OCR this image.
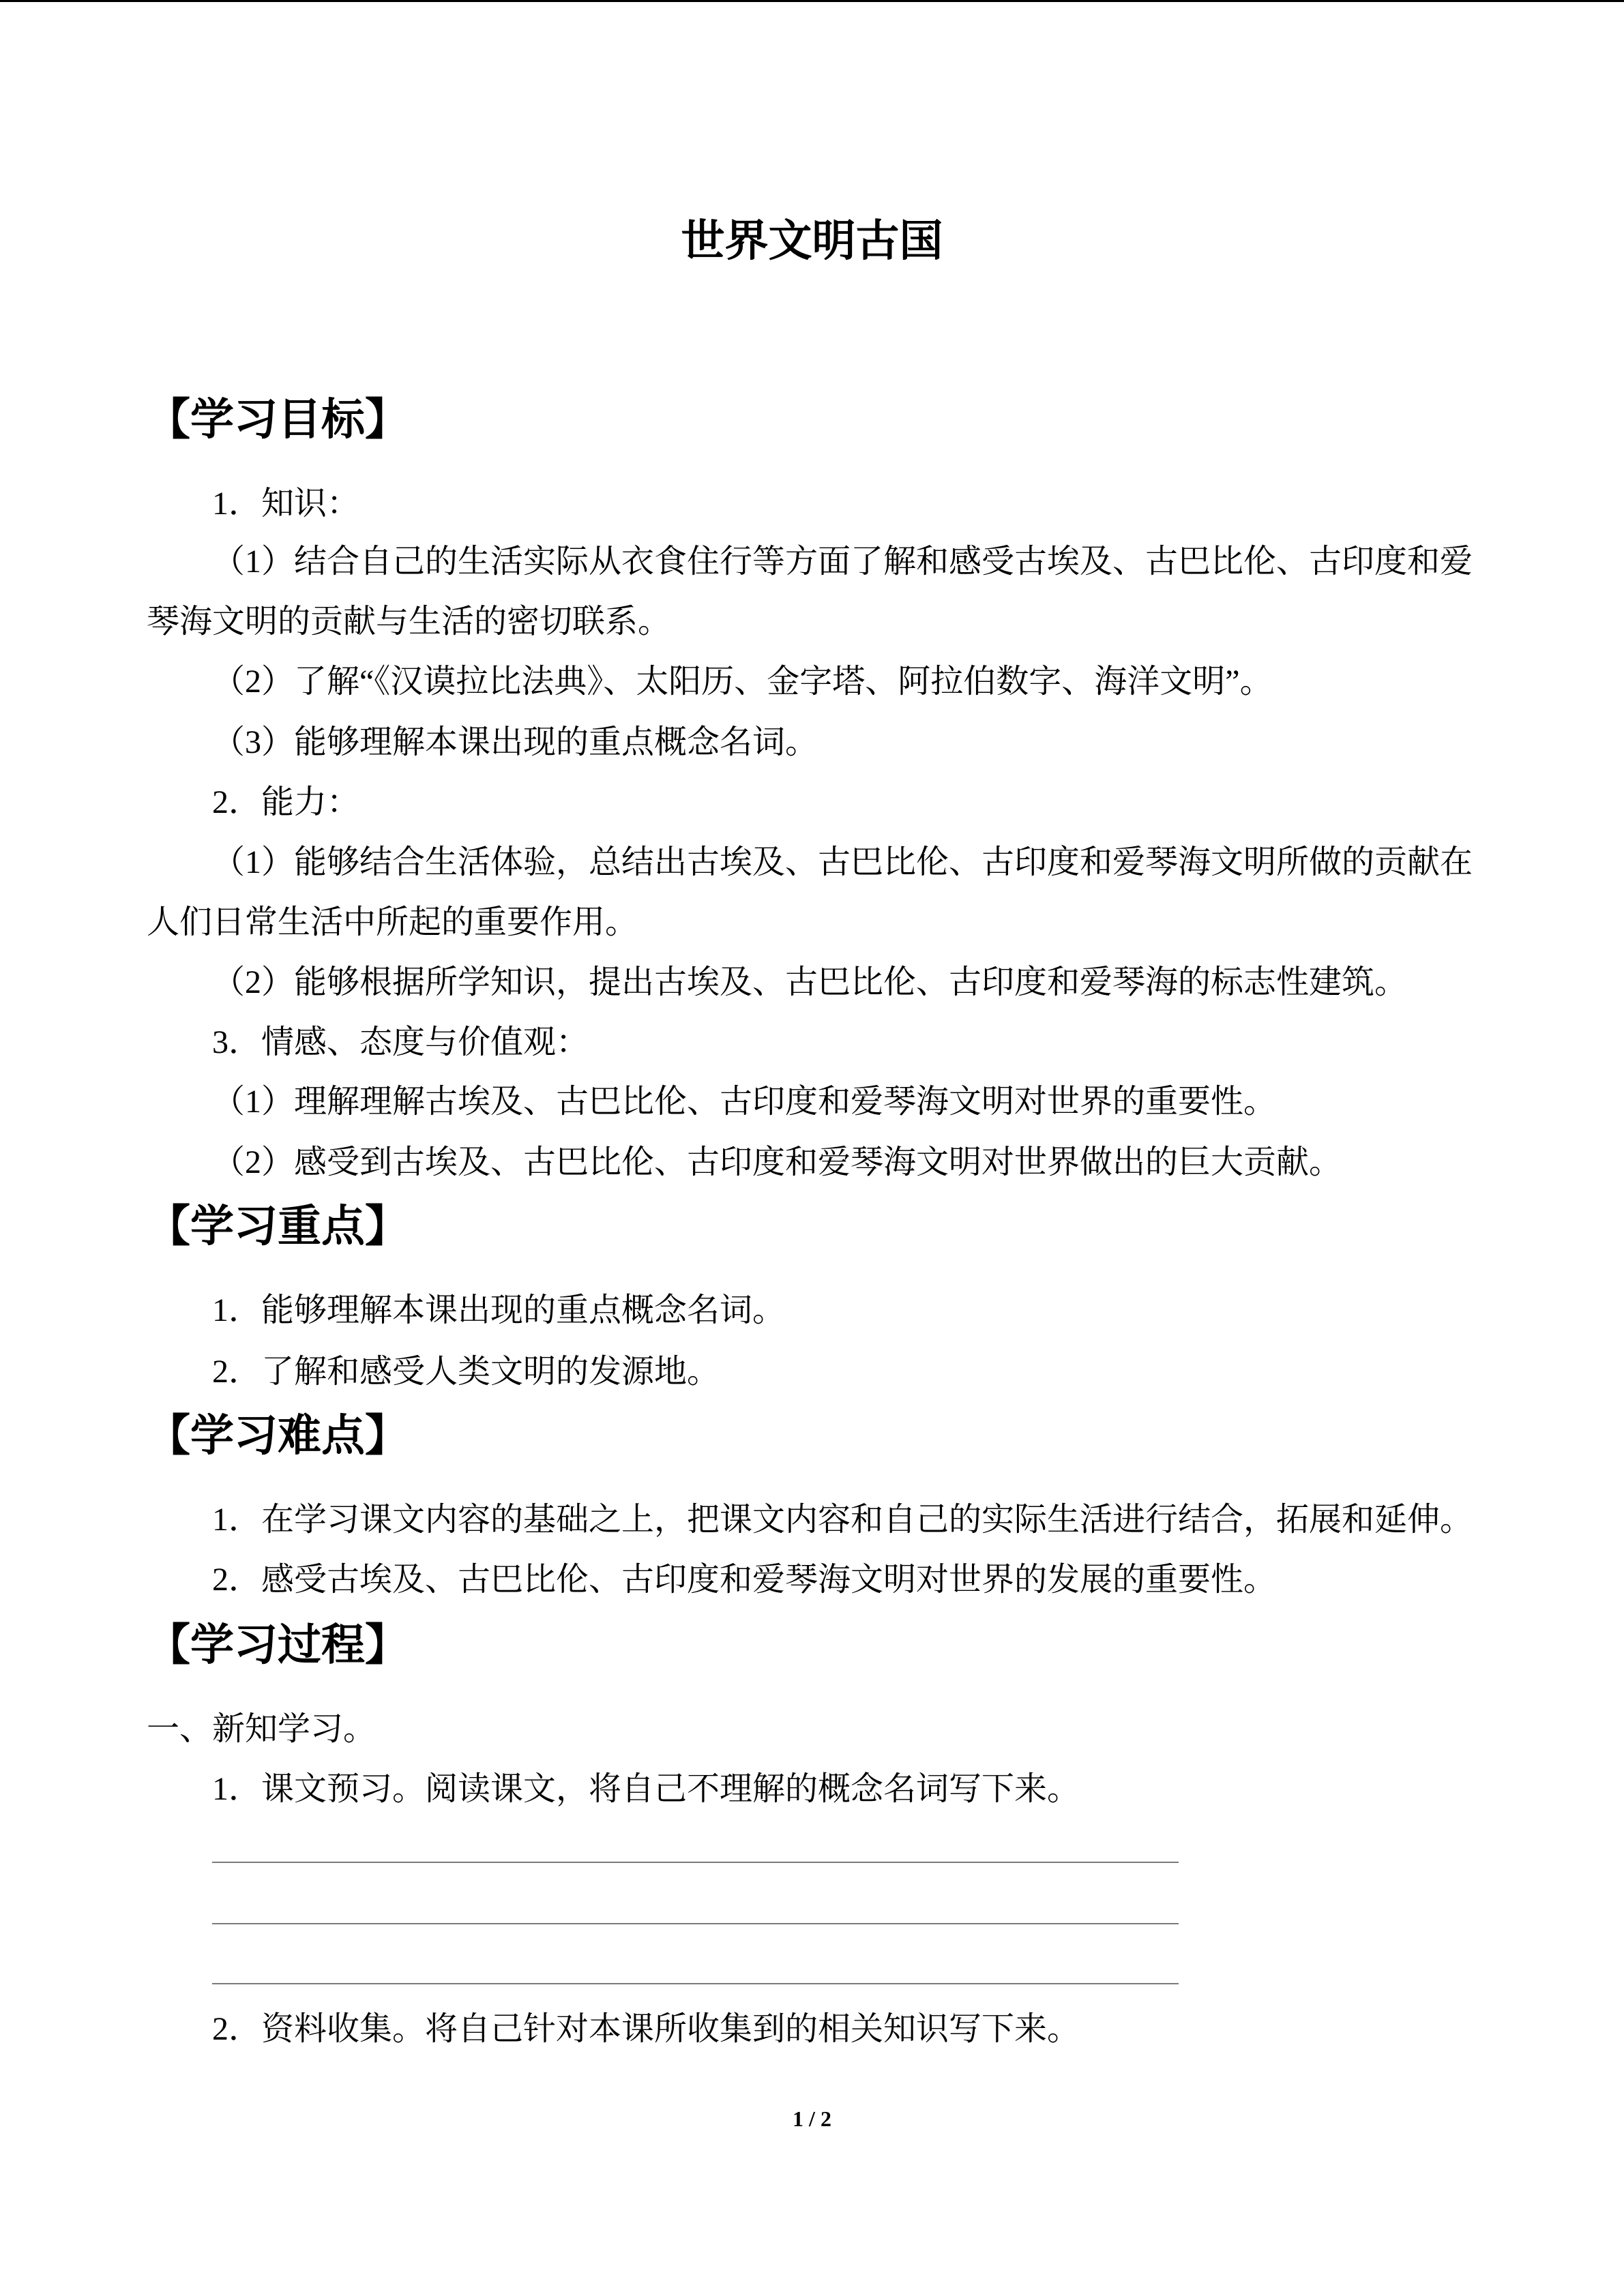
世界文明古国
【学习目标】
1．知识：
（1）结合自己的生活实际从衣食住行等方面了解和感受古埃及、古巴比伦、古印度和爱
琴海文明的贡献与生活的密切联系。
（2）了解“《汉谟拉比法典》、太阳历、金字塔、阿拉伯数字、海洋文明”。
（3）能够理解本课出现的重点概念名词。
2．能力：
（1）能够结合生活体验，总结出古埃及、古巴比伦、古印度和爱琴海文明所做的贡献在
人们日常生活中所起的重要作用。
（2）能够根据所学知识，提出古埃及、古巴比伦、古印度和爱琴海的标志性建筑。
3．情感、态度与价值观：
（1）理解理解古埃及、古巴比伦、古印度和爱琴海文明对世界的重要性。
（2）感受到古埃及、古巴比伦、古印度和爱琴海文明对世界做出的巨大贡献。
【学习重点】
1．能够理解本课出现的重点概念名词。
2．了解和感受人类文明的发源地。
【学习难点】
1．在学习课文内容的基础之上，把课文内容和自己的实际生活进行结合，拓展和延伸。
2．感受古埃及、古巴比伦、古印度和爱琴海文明对世界的发展的重要性。
【学习过程】
一、新知学习。
1．课文预习。阅读课文，将自己不理解的概念名词写下来。
2．资料收集。将自己针对本课所收集到的相关知识写下来。
1 / 2
